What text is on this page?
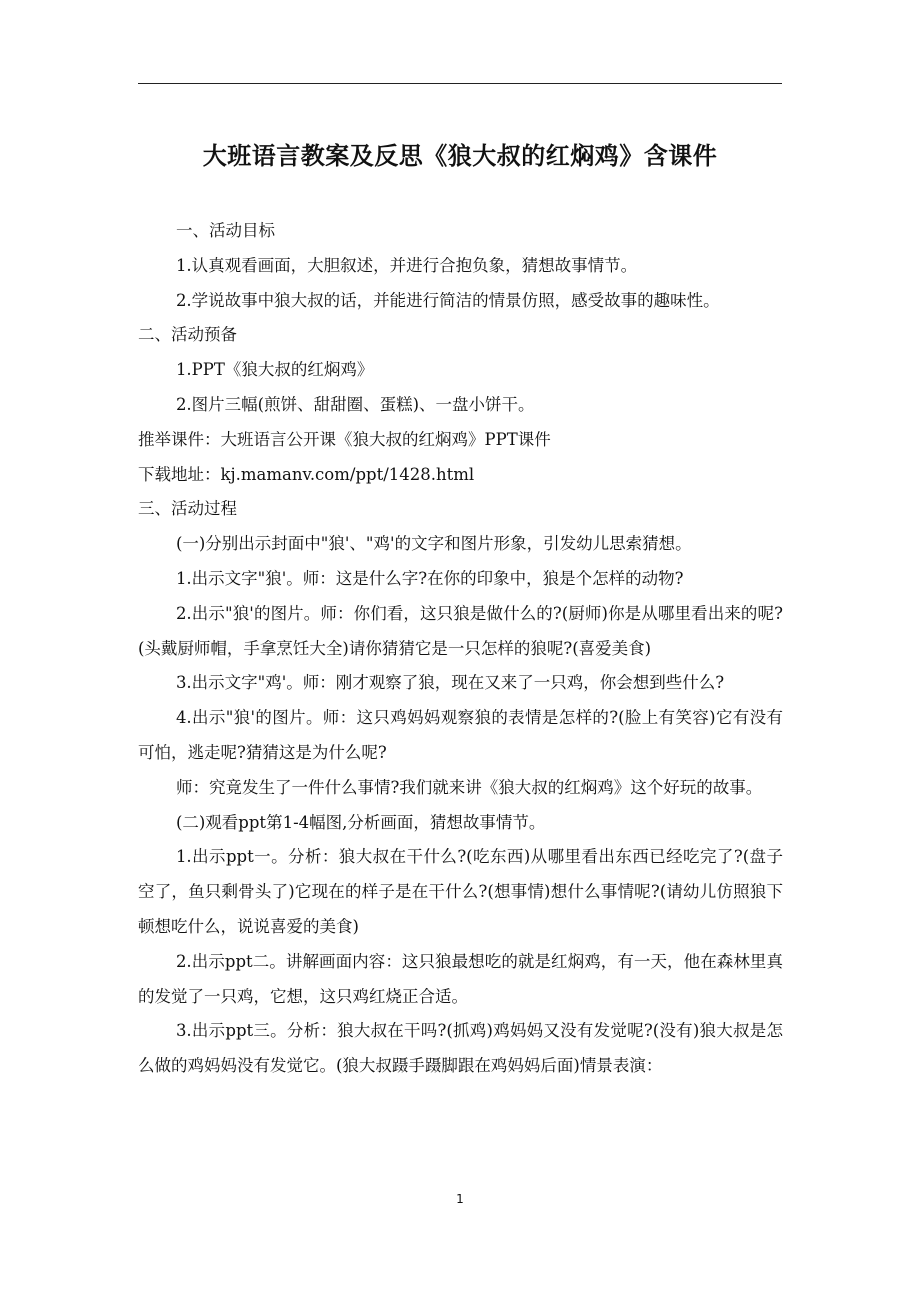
大班语言教案及反思《狼大叔的红焖鸡》含课件

一、活动目标

1.认真观看画面，大胆叙述，并进行合抱负象，猜想故事情节。

2.学说故事中狼大叔的话，并能进行简洁的情景仿照，感受故事的趣味性。

二、活动预备

1.PPT《狼大叔的红焖鸡》

2.图片三幅(煎饼、甜甜圈、蛋糕)、一盘小饼干。

推举课件：大班语言公开课《狼大叔的红焖鸡》PPT课件

下载地址：kj.mamanv.com/ppt/1428.html

三、活动过程

(一)分别出示封面中"狼'、"鸡'的文字和图片形象，引发幼儿思索猜想。

1.出示文字"狼'。师：这是什么字?在你的印象中，狼是个怎样的动物?

2.出示"狼'的图片。师：你们看，这只狼是做什么的?(厨师)你是从哪里看出来的呢?(头戴厨师帽，手拿烹饪大全)请你猜猜它是一只怎样的狼呢?(喜爱美食)

3.出示文字"鸡'。师：刚才观察了狼，现在又来了一只鸡，你会想到些什么?

4.出示"狼'的图片。师：这只鸡妈妈观察狼的表情是怎样的?(脸上有笑容)它有没有可怕，逃走呢?猜猜这是为什么呢?

师：究竟发生了一件什么事情?我们就来讲《狼大叔的红焖鸡》这个好玩的故事。

(二)观看ppt第1-4幅图,分析画面，猜想故事情节。

1.出示ppt一。分析：狼大叔在干什么?(吃东西)从哪里看出东西已经吃完了?(盘子空了，鱼只剩骨头了)它现在的样子是在干什么?(想事情)想什么事情呢?(请幼儿仿照狼下顿想吃什么，说说喜爱的美食)

2.出示ppt二。讲解画面内容：这只狼最想吃的就是红焖鸡，有一天，他在森林里真的发觉了一只鸡，它想，这只鸡红烧正合适。

3.出示ppt三。分析：狼大叔在干吗?(抓鸡)鸡妈妈又没有发觉呢?(没有)狼大叔是怎么做的鸡妈妈没有发觉它。(狼大叔蹑手蹑脚跟在鸡妈妈后面)情景表演：

1
